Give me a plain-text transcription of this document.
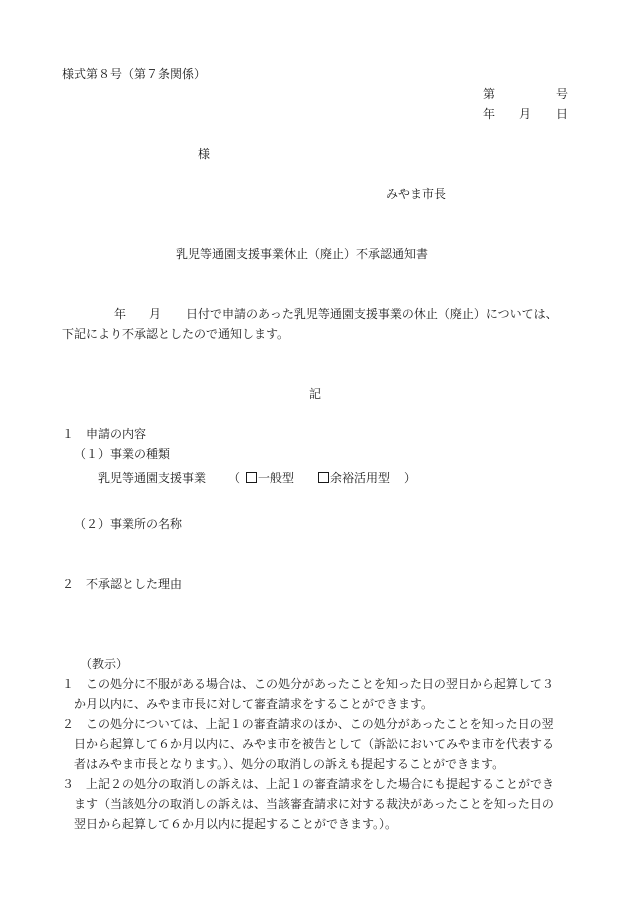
様式第８号（第７条関係）
第	号
年 月 日
様
みやま市長
乳児等通園支援事業休止（廃止）不承認通知書
年 月 日付で申請のあった乳児等通園支援事業の休止（廃止）については、
下記により不承認としたので通知します。
記
１ 申請の内容
（１）事業の種類
乳児等通園支援事業 （	一般型	余裕活用型 ）
（２）事業所の名称
２ 不承認とした理由
（教示）
１ この処分に不服がある場合は、この処分があったことを知った日の翌日から起算して３
か月以内に、みやま市長に対して審査請求をすることができます。
２ この処分については、上記１の審査請求のほか、この処分があったことを知った日の翌
日から起算して６か月以内に、みやま市を被告として（訴訟においてみやま市を代表する
者はみやま市長となります。）、処分の取消しの訴えも提起することができます。
３ 上記２の処分の取消しの訴えは、上記１の審査請求をした場合にも提起することができ
ます（当該処分の取消しの訴えは、当該審査請求に対する裁決があったことを知った日の
翌日から起算して６か月以内に提起することができます。）。
